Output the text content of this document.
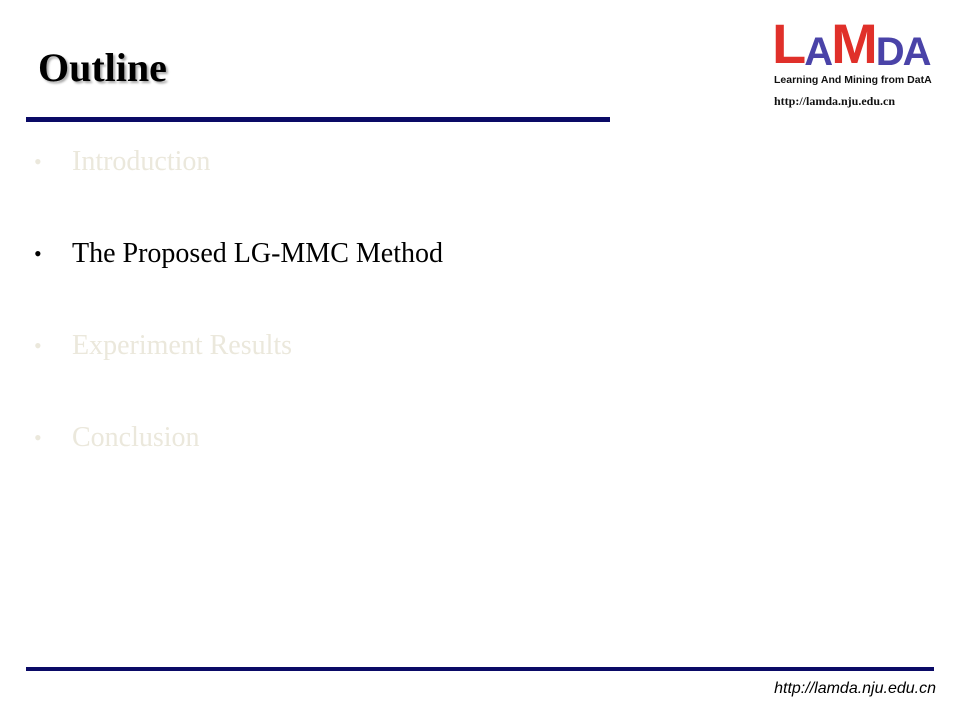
Outline	LAMDA
Learning And Mining from DatA
http://lamda.nju.edu.cn
• Introduction
• The Proposed LG-MMC Method
• Experiment Results
• Conclusion
http://lamda.nju.edu.cn
